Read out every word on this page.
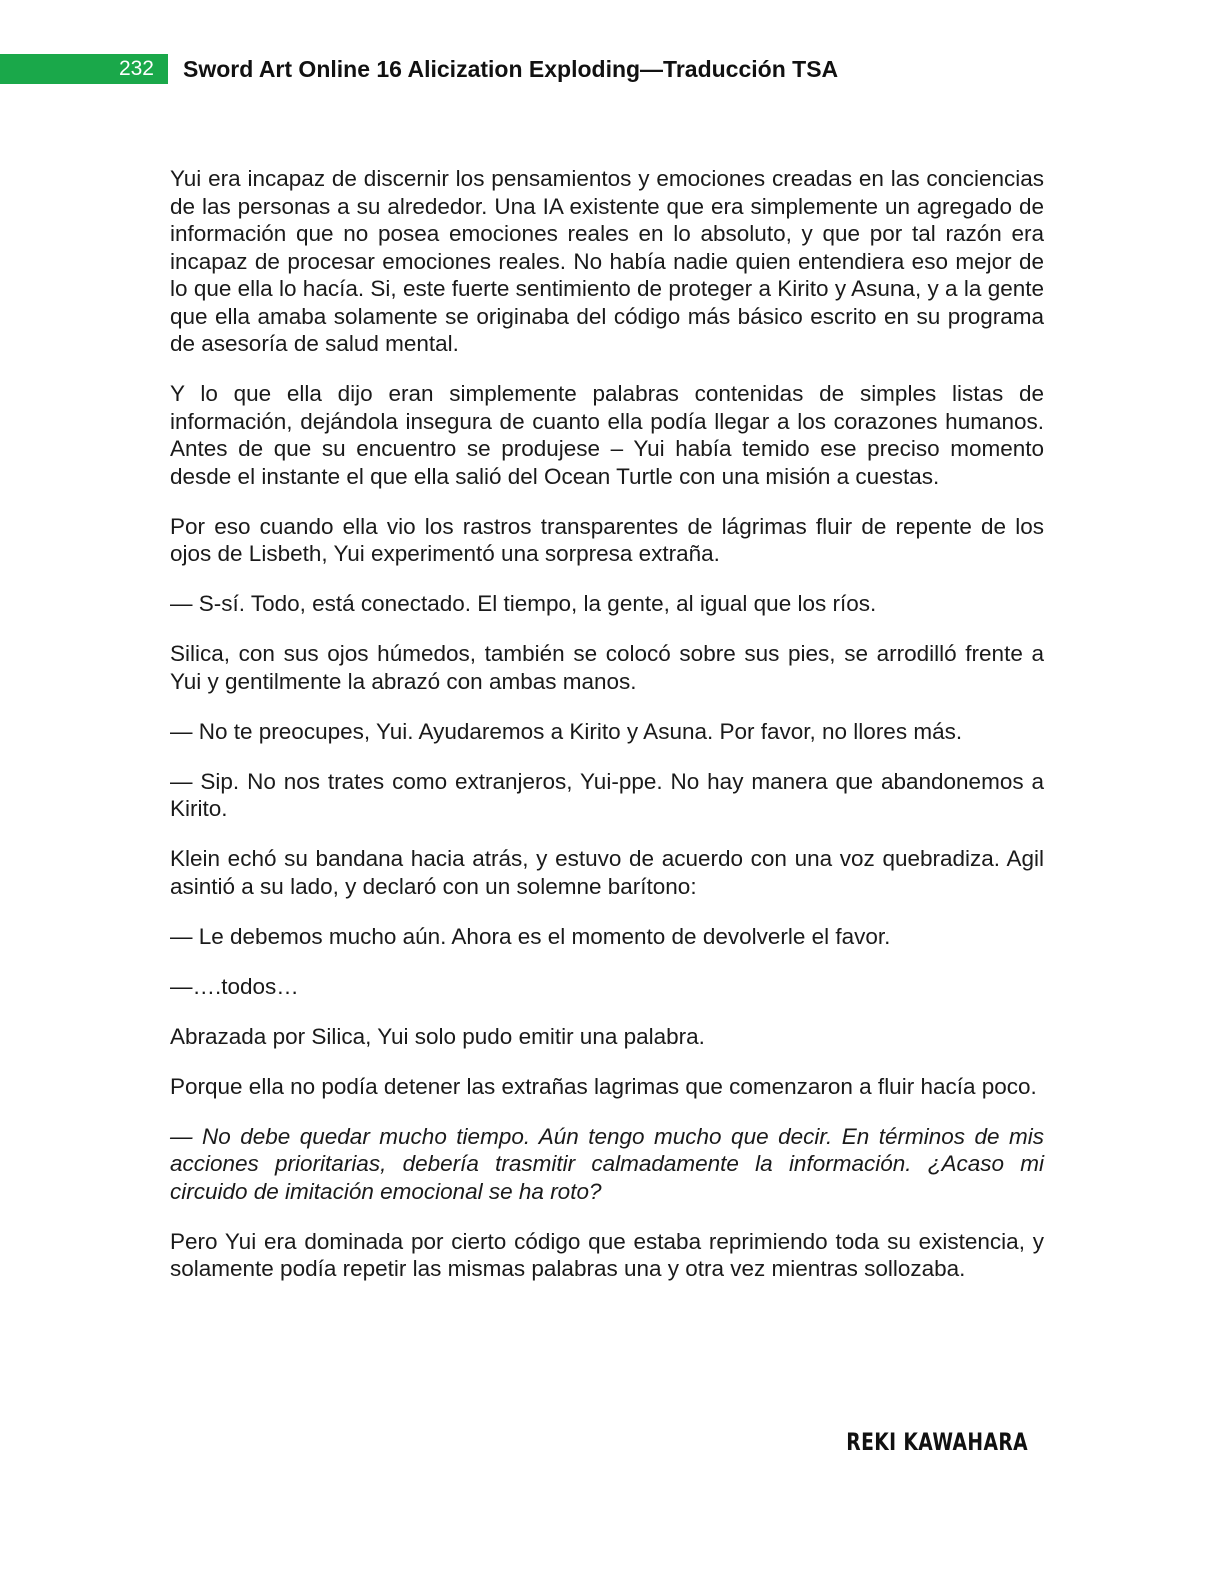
232	Sword Art Online 16 Alicization Exploding—Traducción TSA

Yui era incapaz de discernir los pensamientos y emociones creadas en las conciencias de las personas a su alrededor. Una IA existente que era simplemente un agregado de información que no posea emociones reales en lo absoluto, y que por tal razón era incapaz de procesar emociones reales. No había nadie quien entendiera eso mejor de lo que ella lo hacía. Si, este fuerte sentimiento de proteger a Kirito y Asuna, y a la gente que ella amaba solamente se originaba del código más básico escrito en su programa de asesoría de salud mental.

Y lo que ella dijo eran simplemente palabras contenidas de simples listas de información, dejándola insegura de cuanto ella podía llegar a los corazones humanos. Antes de que su encuentro se produjese – Yui había temido ese preciso momento desde el instante el que ella salió del Ocean Turtle con una misión a cuestas.

Por eso cuando ella vio los rastros transparentes de lágrimas fluir de repente de los ojos de Lisbeth, Yui experimentó una sorpresa extraña.

— S-sí. Todo, está conectado. El tiempo, la gente, al igual que los ríos.

Silica, con sus ojos húmedos, también se colocó sobre sus pies, se arrodilló frente a Yui y gentilmente la abrazó con ambas manos.

— No te preocupes, Yui. Ayudaremos a Kirito y Asuna. Por favor, no llores más.

— Sip. No nos trates como extranjeros, Yui-ppe. No hay manera que abandonemos a Kirito.

Klein echó su bandana hacia atrás, y estuvo de acuerdo con una voz quebradiza. Agil asintió a su lado, y declaró con un solemne barítono:

— Le debemos mucho aún. Ahora es el momento de devolverle el favor.

—….todos…

Abrazada por Silica, Yui solo pudo emitir una palabra.

Porque ella no podía detener las extrañas lagrimas que comenzaron a fluir hacía poco.

— No debe quedar mucho tiempo. Aún tengo mucho que decir. En términos de mis acciones prioritarias, debería trasmitir calmadamente la información. ¿Acaso mi circuido de imitación emocional se ha roto?

Pero Yui era dominada por cierto código que estaba reprimiendo toda su existencia, y solamente podía repetir las mismas palabras una y otra vez mientras sollozaba.

REKI KAWAHARA
